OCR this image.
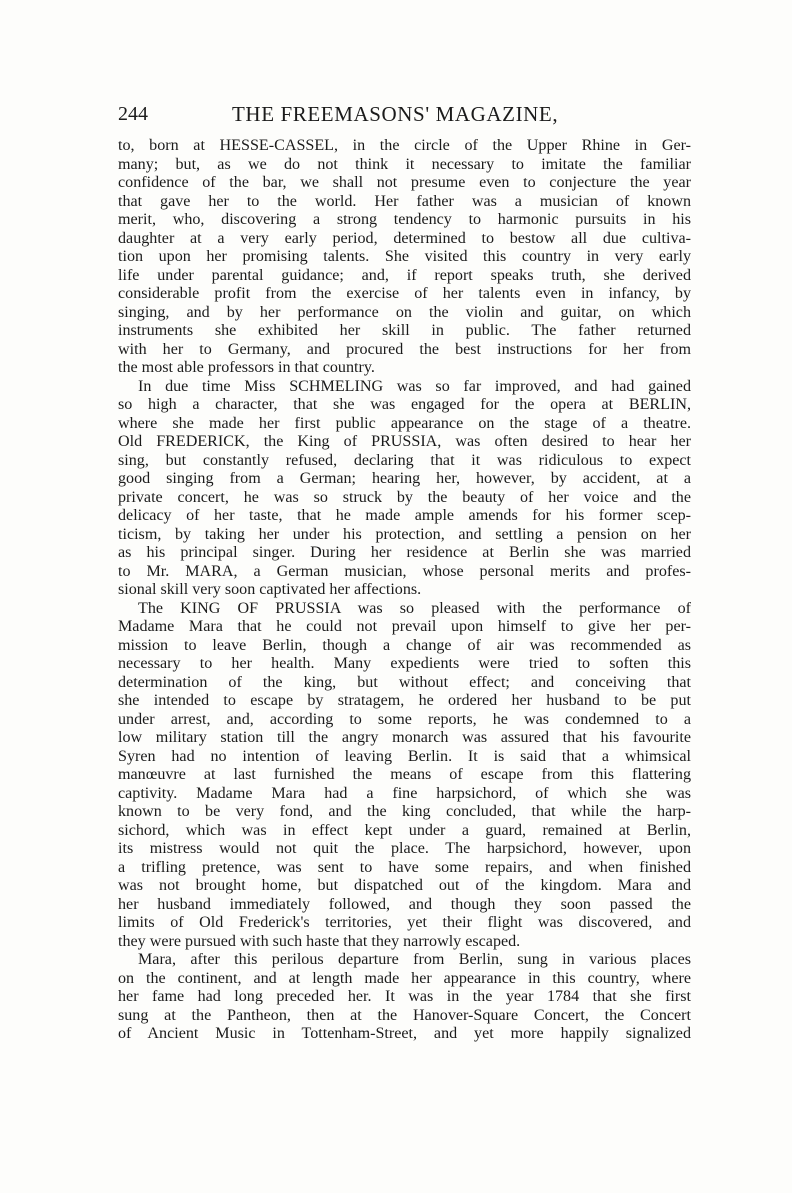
244	THE FREEMASONS' MAGAZINE,
to, born at HESSE-CASSEL, in the circle of the Upper Rhine in Ger-
many; but, as we do not think it necessary to imitate the familiar
confidence of the bar, we shall not presume even to conjecture the year
that gave her to the world. Her father was a musician of known
merit, who, discovering a strong tendency to harmonic pursuits in his
daughter at a very early period, determined to bestow all due cultiva-
tion upon her promising talents. She visited this country in very early
life under parental guidance; and, if report speaks truth, she derived
considerable profit from the exercise of her talents even in infancy, by
singing, and by her performance on the violin and guitar, on which
instruments she exhibited her skill in public. The father returned
with her to Germany, and procured the best instructions for her from
the most able professors in that country.
In due time Miss SCHMELING was so far improved, and had gained
so high a character, that she was engaged for the opera at BERLIN,
where she made her first public appearance on the stage of a theatre.
Old FREDERICK, the King of PRUSSIA, was often desired to hear her
sing, but constantly refused, declaring that it was ridiculous to expect
good singing from a German; hearing her, however, by accident, at a
private concert, he was so struck by the beauty of her voice and the
delicacy of her taste, that he made ample amends for his former scep-
ticism, by taking her under his protection, and settling a pension on her
as his principal singer. During her residence at Berlin she was married
to Mr. MARA, a German musician, whose personal merits and profes-
sional skill very soon captivated her affections.
The KING OF PRUSSIA was so pleased with the performance of
Madame Mara that he could not prevail upon himself to give her per-
mission to leave Berlin, though a change of air was recommended as
necessary to her health. Many expedients were tried to soften this
determination of the king, but without effect; and conceiving that
she intended to escape by stratagem, he ordered her husband to be put
under arrest, and, according to some reports, he was condemned to a
low military station till the angry monarch was assured that his favourite
Syren had no intention of leaving Berlin. It is said that a whimsical
manœuvre at last furnished the means of escape from this flattering
captivity. Madame Mara had a fine harpsichord, of which she was
known to be very fond, and the king concluded, that while the harp-
sichord, which was in effect kept under a guard, remained at Berlin,
its mistress would not quit the place. The harpsichord, however, upon
a trifling pretence, was sent to have some repairs, and when finished
was not brought home, but dispatched out of the kingdom. Mara and
her husband immediately followed, and though they soon passed the
limits of Old Frederick's territories, yet their flight was discovered, and
they were pursued with such haste that they narrowly escaped.
Mara, after this perilous departure from Berlin, sung in various places
on the continent, and at length made her appearance in this country, where
her fame had long preceded her. It was in the year 1784 that she first
sung at the Pantheon, then at the Hanover-Square Concert, the Concert
of Ancient Music in Tottenham-Street, and yet more happily signalized
